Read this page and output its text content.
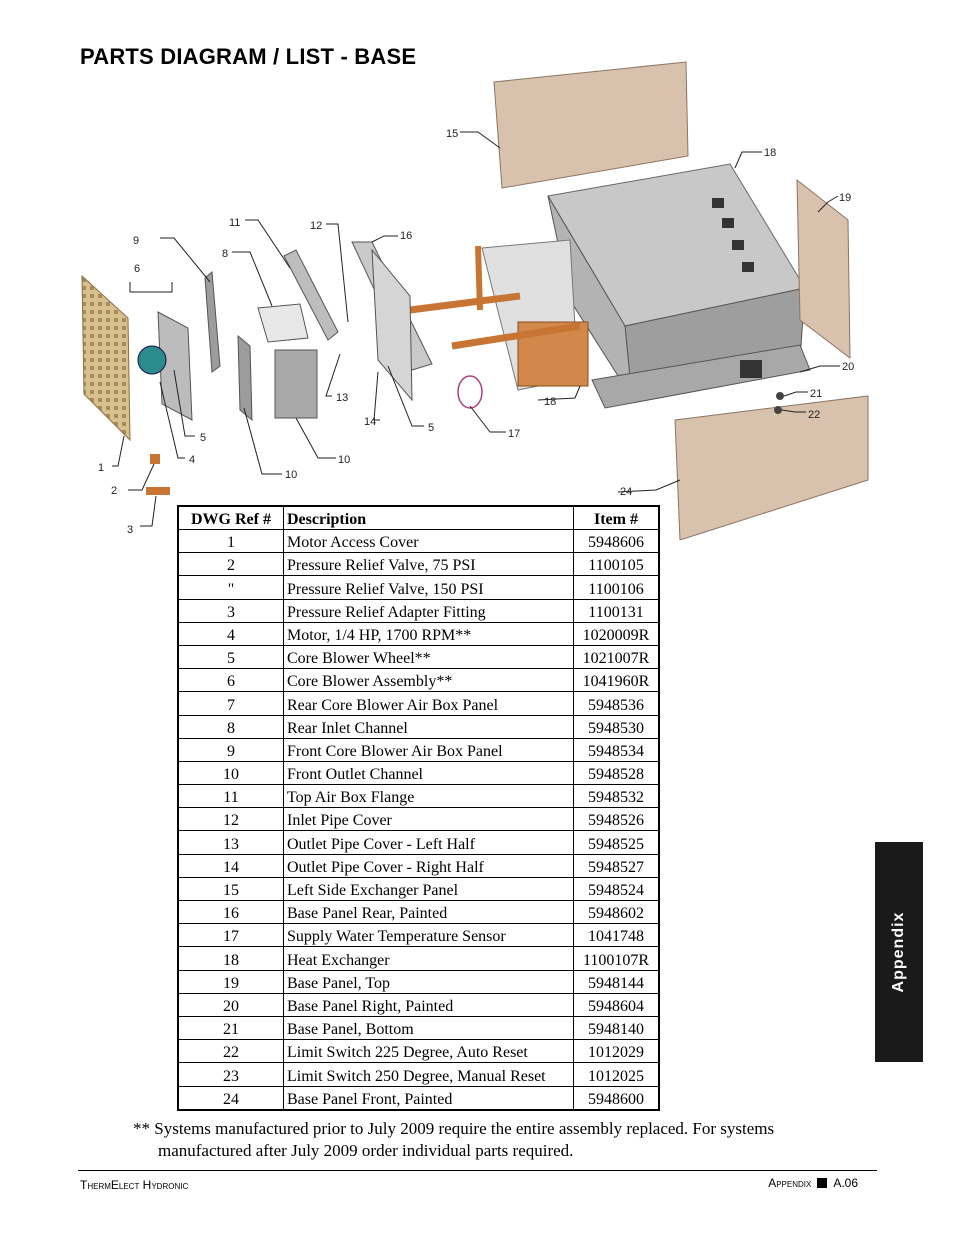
PARTS DIAGRAM / LIST - BASE
15
18
19
20
21
22
24
18
17
5
14
13
12
16
11
8
9
6
5
4	10
10
1
2
3
DWG Ref #	Description	Item #
1	Motor Access Cover	5948606
2	Pressure Relief Valve, 75 PSI	1100105
"	Pressure Relief Valve, 150 PSI	1100106
3	Pressure Relief Adapter Fitting	1100131
4	Motor, 1/4 HP, 1700 RPM**	1020009R
5	Core Blower Wheel**	1021007R
6	Core Blower Assembly**	1041960R
7	Rear Core Blower Air Box Panel	5948536
8	Rear Inlet Channel	5948530
9	Front Core Blower Air Box Panel	5948534
10	Front Outlet Channel	5948528
11	Top Air Box Flange	5948532
12	Inlet Pipe Cover	5948526
13	Outlet Pipe Cover - Left Half	5948525
14	Outlet Pipe Cover - Right Half	5948527
15	Left Side Exchanger Panel	5948524
16	Base Panel Rear, Painted	5948602
17	Supply Water Temperature Sensor	1041748
18	Heat Exchanger	1100107R
19	Base Panel, Top	5948144
20	Base Panel Right, Painted	5948604
21	Base Panel, Bottom	5948140
22	Limit Switch 225 Degree, Auto Reset	1012029
23	Limit Switch 250 Degree, Manual Reset	1012025
24	Base Panel Front, Painted	5948600
** Systems manufactured prior to July 2009 require the entire assembly replaced. For systems
manufactured after July 2009 order individual parts required.
Appendix
ThermElect Hydronic	Appendix A.06
